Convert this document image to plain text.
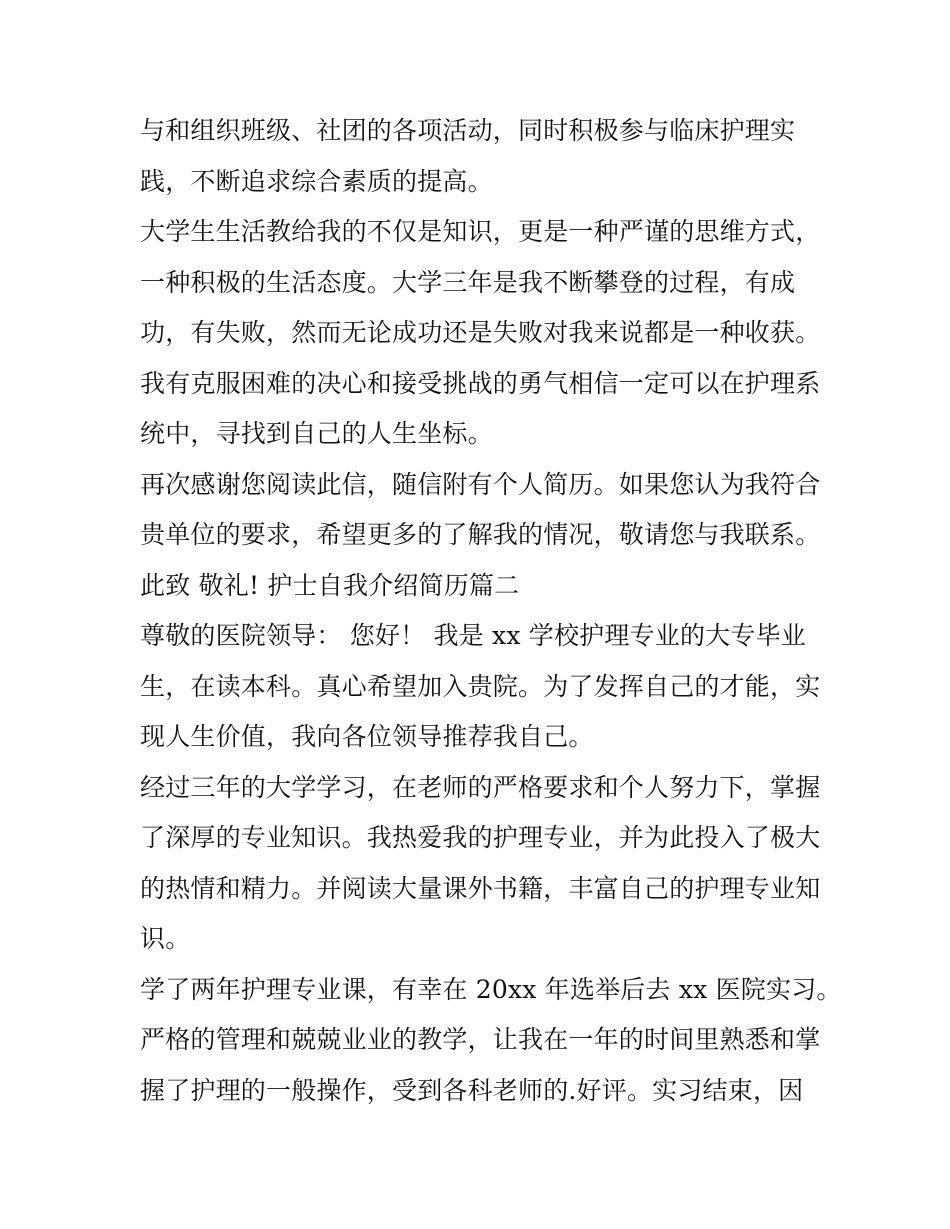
与和组织班级、社团的各项活动，同时积极参与临床护理实
践，不断追求综合素质的提高。
大学生生活教给我的不仅是知识，更是一种严谨的思维方式，
一种积极的生活态度。大学三年是我不断攀登的过程，有成
功，有失败，然而无论成功还是失败对我来说都是一种收获。
我有克服困难的决心和接受挑战的勇气相信一定可以在护理系
统中，寻找到自己的人生坐标。
再次感谢您阅读此信，随信附有个人简历。如果您认为我符合
贵单位的要求，希望更多的了解我的情况，敬请您与我联系。
此致 敬礼! 护士自我介绍简历篇二
尊敬的医院领导： 您好！ 我是 xx 学校护理专业的大专毕业
生，在读本科。真心希望加入贵院。为了发挥自己的才能，实
现人生价值，我向各位领导推荐我自己。
经过三年的大学学习，在老师的严格要求和个人努力下，掌握
了深厚的专业知识。我热爱我的护理专业，并为此投入了极大
的热情和精力。并阅读大量课外书籍，丰富自己的护理专业知
识。
学了两年护理专业课，有幸在 20xx 年选举后去 xx 医院实习。
严格的管理和兢兢业业的教学，让我在一年的时间里熟悉和掌
握了护理的一般操作，受到各科老师的.好评。实习结束，因
